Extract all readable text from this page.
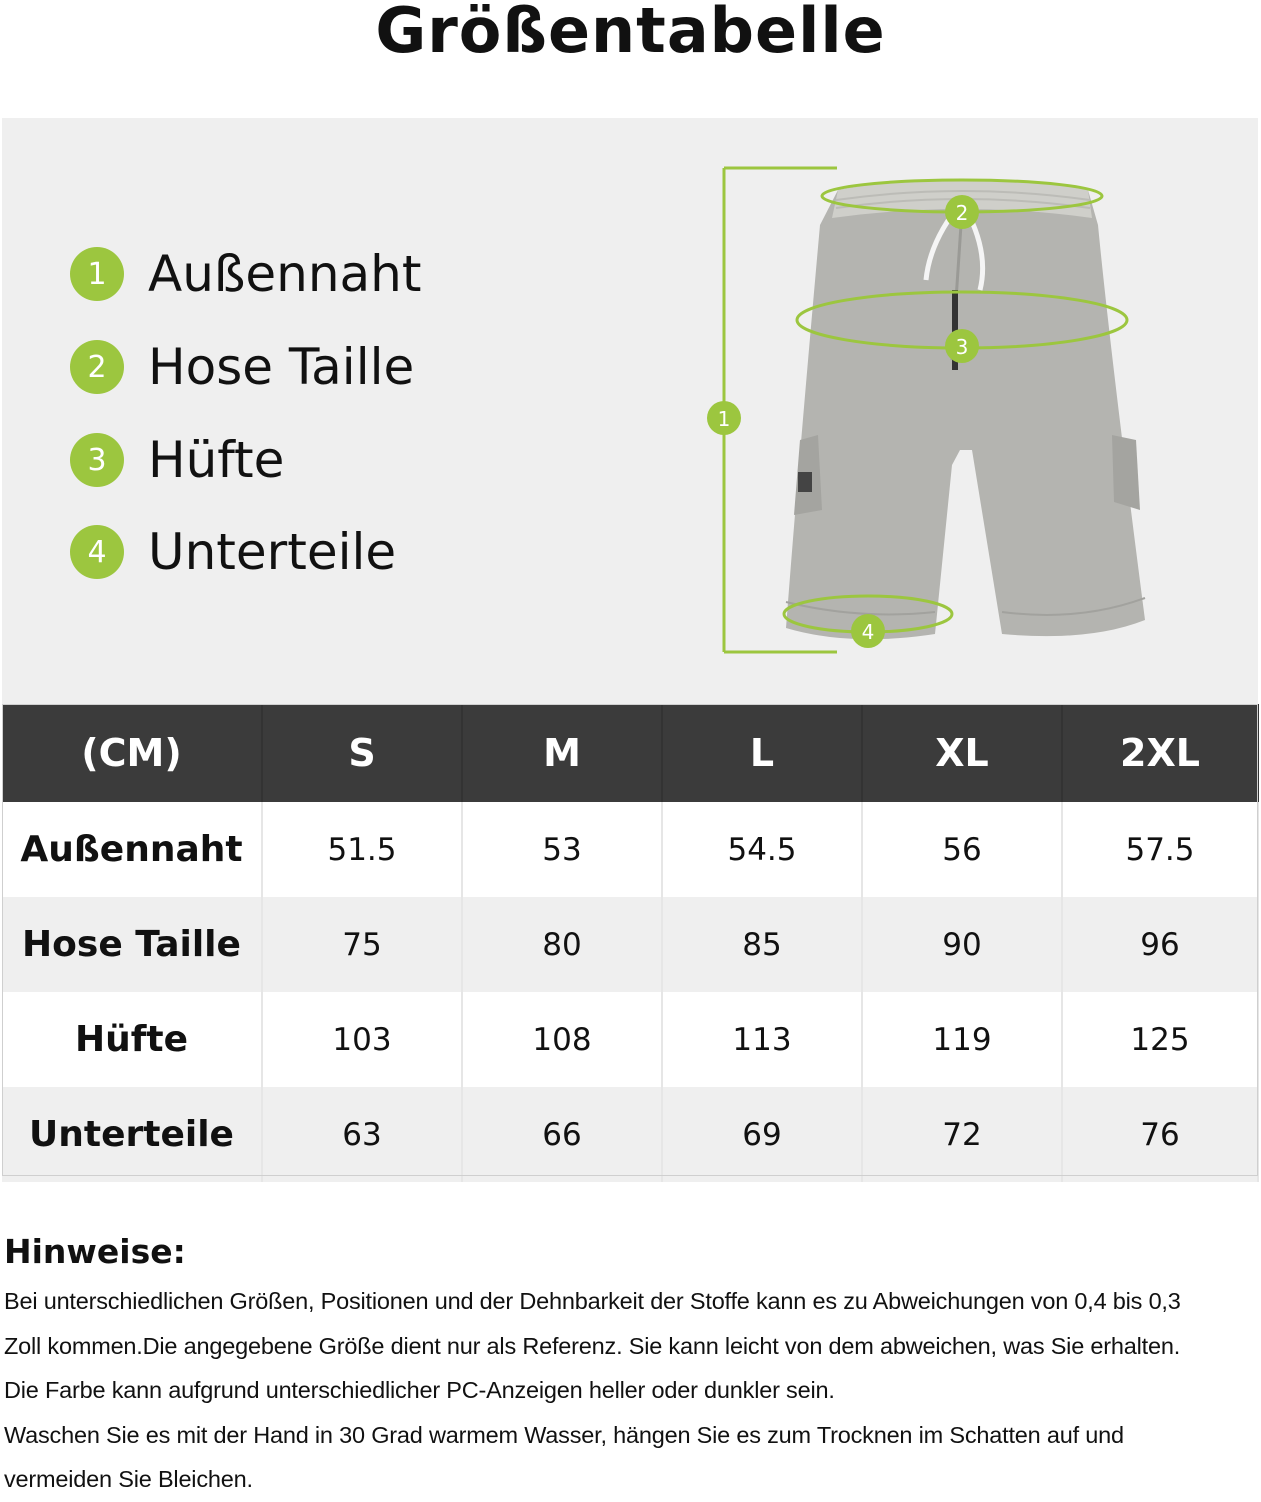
Größentabelle
1 Außennaht
2 Hose Taille
3 Hüfte
4 Unterteile
1
2
3
4
(CM)	S	M	L	XL	2XL
Außennaht	51.5	53	54.5	56	57.5
Hose Taille	75	80	85	90	96
Hüfte	103	108	113	119	125
Unterteile	63	66	69	72	76
Hinweise:

Bei unterschiedlichen Größen, Positionen und der Dehnbarkeit der Stoffe kann es zu Abweichungen von 0,4 bis 0,3

Zoll kommen.Die angegebene Größe dient nur als Referenz. Sie kann leicht von dem abweichen, was Sie erhalten.

Die Farbe kann aufgrund unterschiedlicher PC-Anzeigen heller oder dunkler sein.

Waschen Sie es mit der Hand in 30 Grad warmem Wasser, hängen Sie es zum Trocknen im Schatten auf und

vermeiden Sie Bleichen.
